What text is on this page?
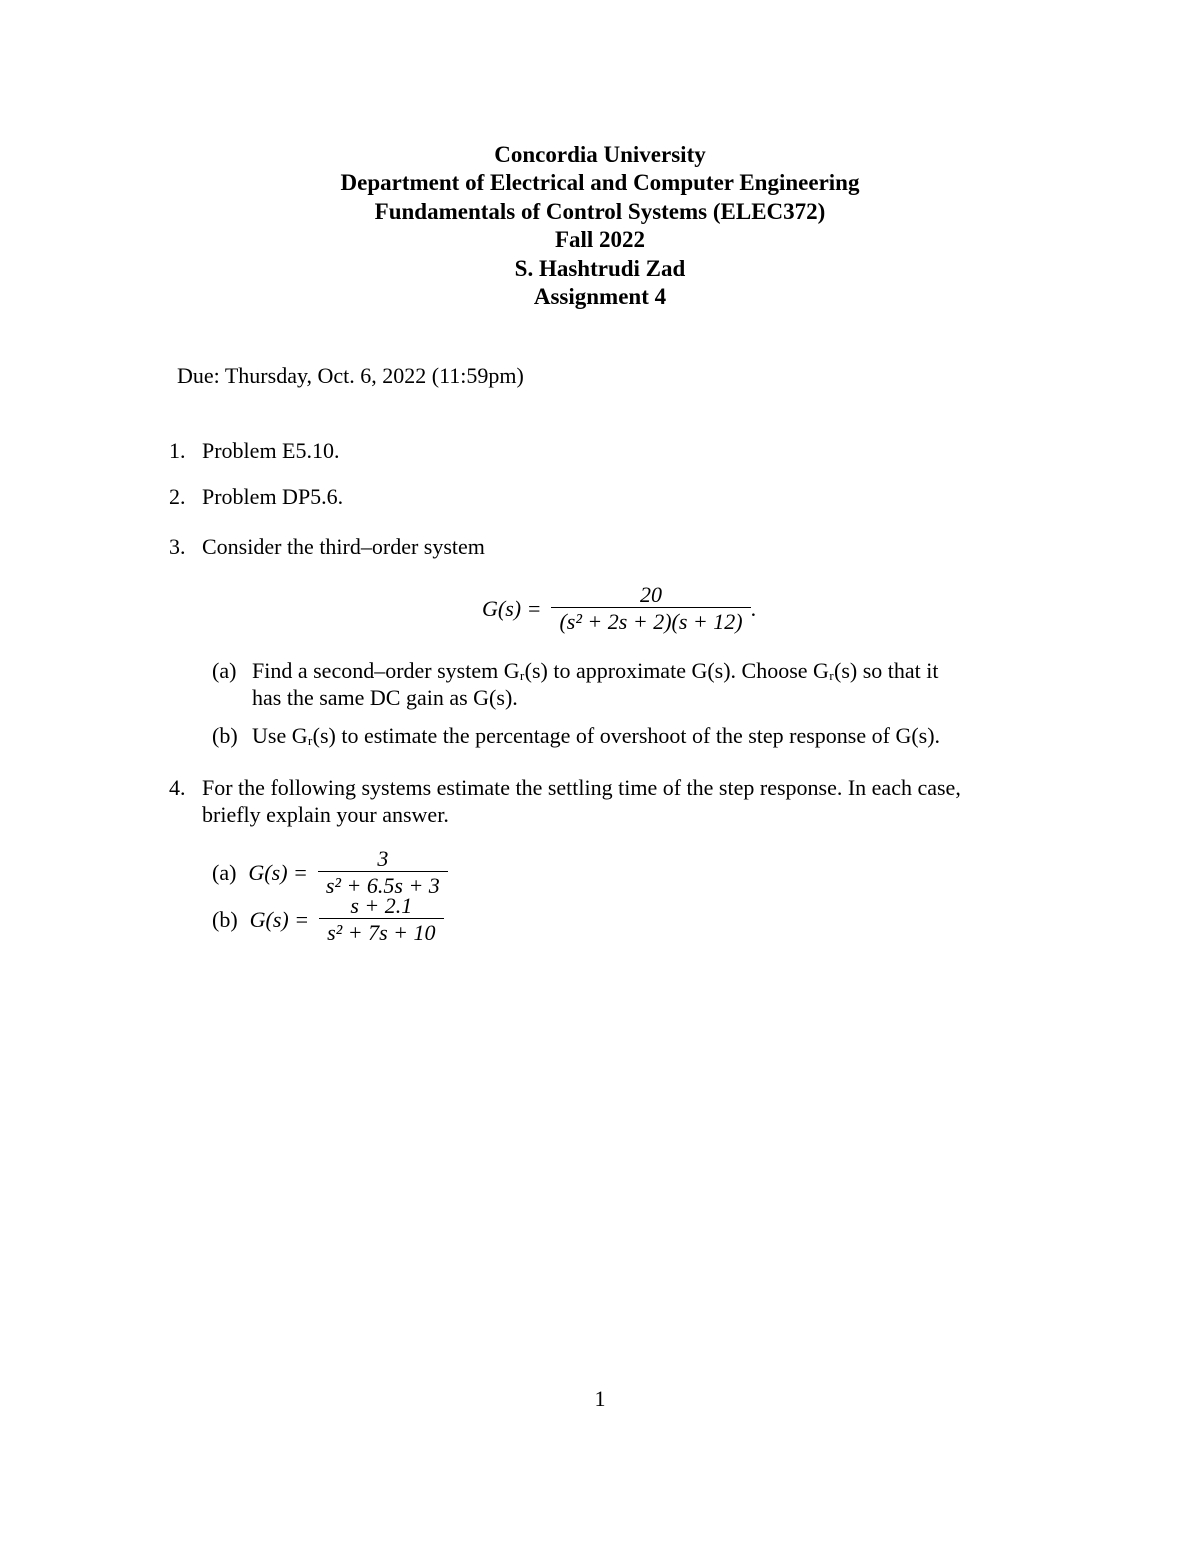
Concordia University
Department of Electrical and Computer Engineering
Fundamentals of Control Systems (ELEC372)
Fall 2022
S. Hashtrudi Zad
Assignment 4
Due: Thursday, Oct. 6, 2022 (11:59pm)
1. Problem E5.10.
2. Problem DP5.6.
3. Consider the third–order system
$G(s) = \frac{20}{\text{(s² + 2s + 2)(s + 12)}}$ .
(a) Find a second–order system Gᵣ(s) to approximate G(s). Choose Gᵣ(s) so that it
has the same DC gain as G(s).
(b) Use Gᵣ(s) to estimate the percentage of overshoot of the step response of G(s).
4. For the following systems estimate the settling time of the step response. In each case,
briefly explain your answer.
(a) $G(s) = \frac{3}{\text{s² + 6.5s + 3}}$
(b) $G(s) = \frac{s + 2.1}{\text{s² + 7s + 10}}$
1
